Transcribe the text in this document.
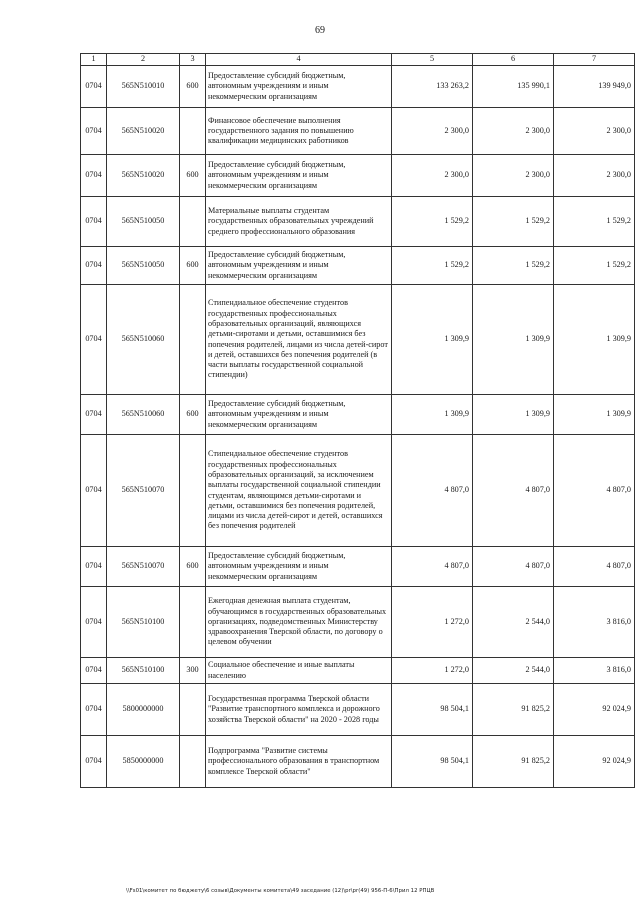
69
1	2	3	4	5	6	7
0704	565N510010	600	Предоставление субсидий бюджетным, автономным учреждениям и иным некоммерческим организациям	133 263,2	135 990,1	139 949,0
0704	565N510020		Финансовое обеспечение выполнения государственного задания по повышению квалификации медицинских работников	2 300,0	2 300,0	2 300,0
0704	565N510020	600	Предоставление субсидий бюджетным, автономным учреждениям и иным некоммерческим организациям	2 300,0	2 300,0	2 300,0
0704	565N510050		Материальные выплаты студентам государственных образовательных учреждений среднего профессионального образования	1 529,2	1 529,2	1 529,2
0704	565N510050	600	Предоставление субсидий бюджетным, автономным учреждениям и иным некоммерческим организациям	1 529,2	1 529,2	1 529,2
0704	565N510060		Стипендиальное обеспечение студентов государственных профессиональных образовательных организаций, являющихся детьми-сиротами и детьми, оставшимися без попечения родителей, лицами из числа детей-сирот и детей, оставшихся без попечения родителей (в части выплаты государственной социальной стипендии)	1 309,9	1 309,9	1 309,9
0704	565N510060	600	Предоставление субсидий бюджетным, автономным учреждениям и иным некоммерческим организациям	1 309,9	1 309,9	1 309,9
0704	565N510070		Стипендиальное обеспечение студентов государственных профессиональных образовательных организаций, за исключением выплаты государственной социальной стипендии студентам, являющимся детьми-сиротами и детьми, оставшимися без попечения родителей, лицами из числа детей-сирот и детей, оставшихся без попечения родителей	4 807,0	4 807,0	4 807,0
0704	565N510070	600	Предоставление субсидий бюджетным, автономным учреждениям и иным некоммерческим организациям	4 807,0	4 807,0	4 807,0
0704	565N510100		Ежегодная денежная выплата студентам, обучающимся в государственных образовательных организациях, подведомственных Министерству здравоохранения Тверской области, по договору о целевом обучении	1 272,0	2 544,0	3 816,0
0704	565N510100	300	Социальное обеспечение и иные выплаты населению	1 272,0	2 544,0	3 816,0
0704	5800000000		Государственная программа Тверской области "Развитие транспортного комплекса и дорожного хозяйства Тверской области" на 2020 - 2028 годы	98 504,1	91 825,2	92 024,9
0704	5850000000		Подпрограмма "Развитие системы профессионального образования в транспортном комплексе Тверской области"	98 504,1	91 825,2	92 024,9
\\Fs01\комитет по бюджету\6 созыв\Документы комитета\49 заседание (12)\pr\pr(49) 956-П-6\Прил 12 РПЦВ
